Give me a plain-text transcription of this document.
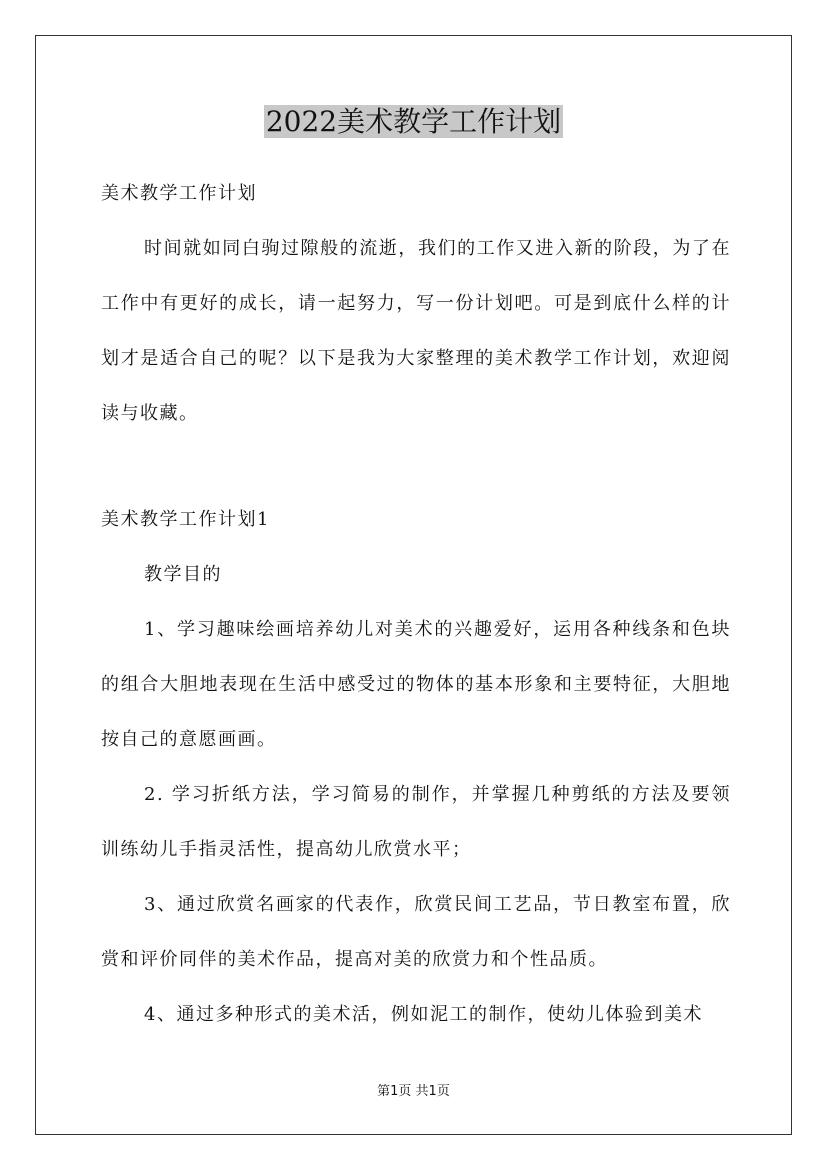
2022美术教学工作计划

美术教学工作计划

时间就如同白驹过隙般的流逝，我们的工作又进入新的阶段，为了在工作中有更好的成长，请一起努力，写一份计划吧。可是到底什么样的计划才是适合自己的呢？以下是我为大家整理的美术教学工作计划，欢迎阅读与收藏。

美术教学工作计划1

教学目的

1、学习趣味绘画培养幼儿对美术的兴趣爱好，运用各种线条和色块的组合大胆地表现在生活中感受过的物体的基本形象和主要特征，大胆地按自己的意愿画画。

2. 学习折纸方法，学习简易的制作，并掌握几种剪纸的方法及要领训练幼儿手指灵活性，提高幼儿欣赏水平；

3、通过欣赏名画家的代表作，欣赏民间工艺品，节日教室布置，欣赏和评价同伴的美术作品，提高对美的欣赏力和个性品质。

4、通过多种形式的美术活，例如泥工的制作，使幼儿体验到美术

第1页 共1页
